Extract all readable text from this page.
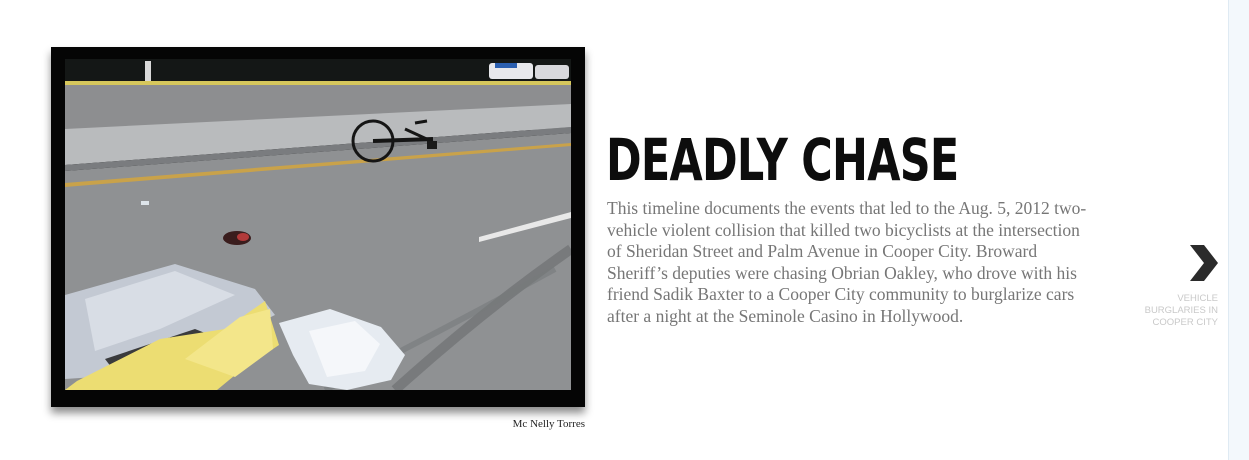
Mc Nelly Torres
DEADLY CHASE

This timeline documents the events that led to the Aug. 5, 2012 two-vehicle violent collision that killed two bicyclists at the intersection of Sheridan Street and Palm Avenue in Cooper City. Broward Sheriff’s deputies were chasing Obrian Oakley, who drove with his friend Sadik Baxter to a Cooper City community to burglarize cars after a night at the Seminole Casino in Hollywood.

VEHICLE
BURGLARIES IN
COOPER CITY
